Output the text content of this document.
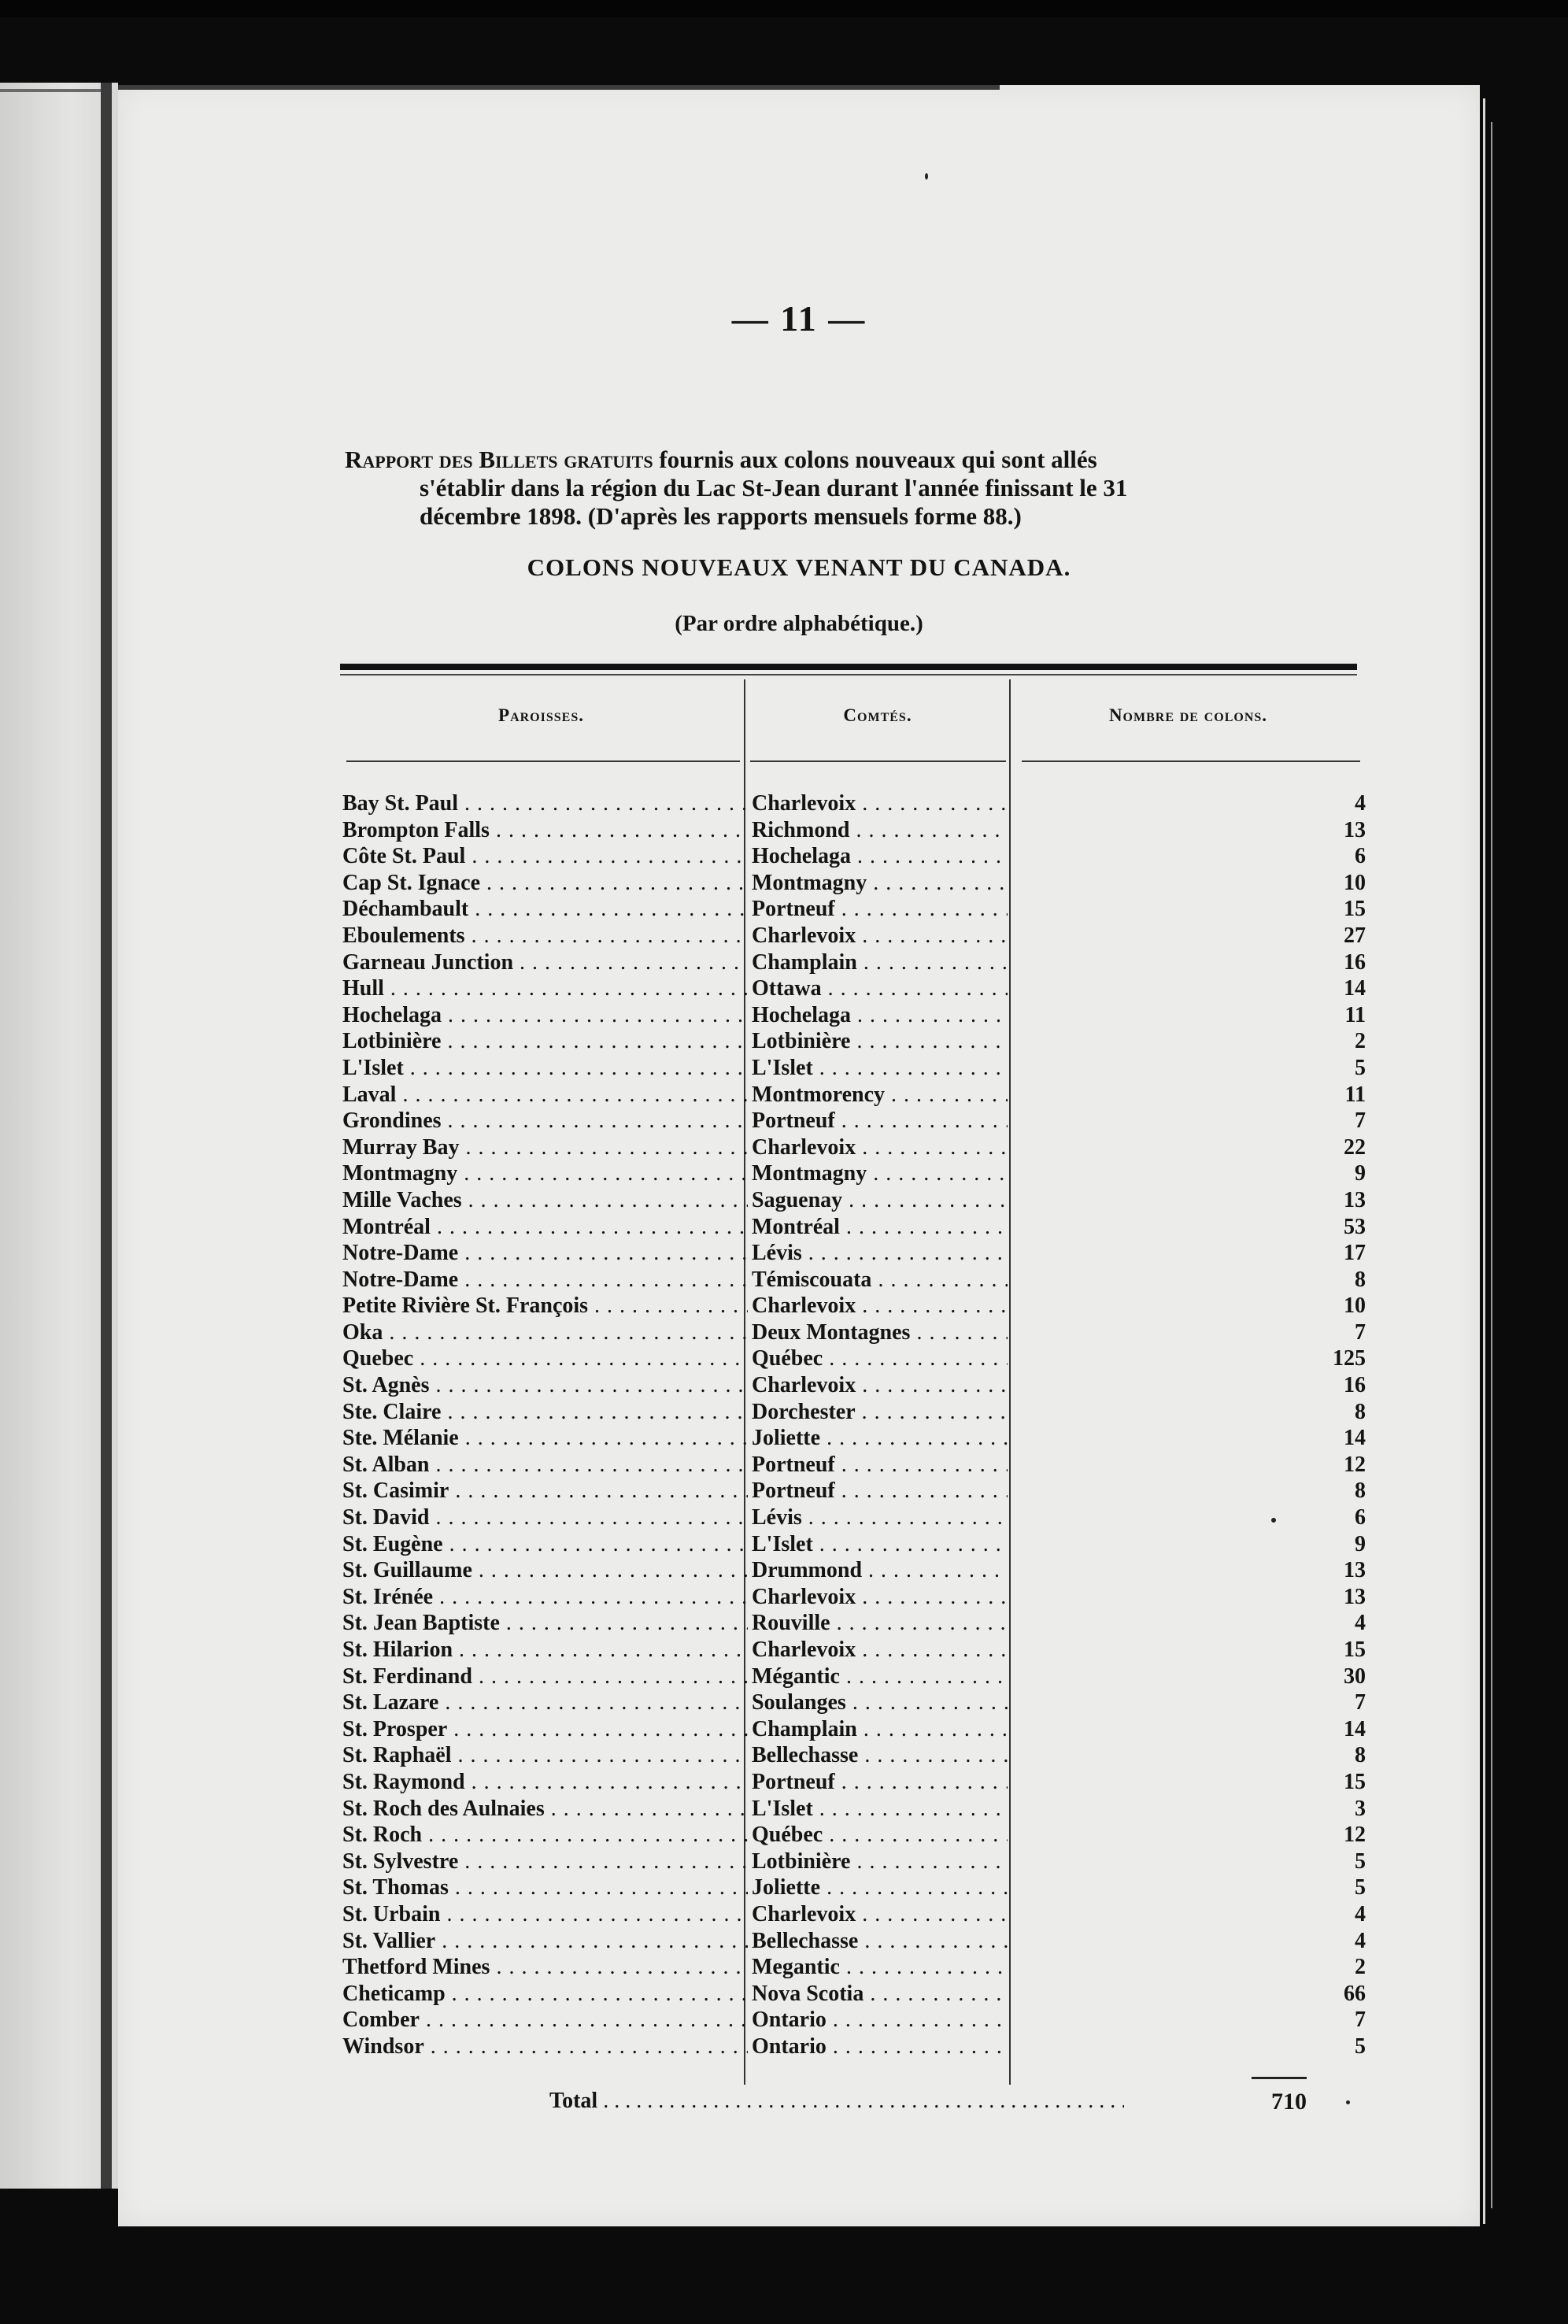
— 11 —
Rapport des Billets gratuits fournis aux colons nouveaux qui sont allés
s'établir dans la région du Lac St-Jean durant l'année finissant le 31
décembre 1898. (D'après les rapports mensuels forme 88.)
COLONS NOUVEAUX VENANT DU CANADA.
(Par ordre alphabétique.)
Paroisses.	Comtés.	Nombre de colons.
Bay St. Paul . . .	Charlevoix . . .	4
Brompton Falls . . .	Richmond . . .	13
Côte St. Paul . . .	Hochelaga . . .	6
Cap St. Ignace . . .	Montmagny . . .	10
Déchambault . . .	Portneuf . . .	15
Eboulements . . .	Charlevoix . . .	27
Garneau Junction . . .	Champlain . . .	16
Hull . . .	Ottawa . . .	14
Hochelaga . . .	Hochelaga . . .	11
Lotbinière . . .	Lotbinière . . .	2
L'Islet . . .	L'Islet . . .	5
Laval . . .	Montmorency . . .	11
Grondines . . .	Portneuf . . .	7
Murray Bay . . .	Charlevoix . . .	22
Montmagny . . .	Montmagny . . .	9
Mille Vaches . . .	Saguenay . . .	13
Montréal . . .	Montréal . . .	53
Notre-Dame . . .	Lévis . . .	17
Notre-Dame . . .	Témiscouata . . .	8
Petite Rivière St. François . . .	Charlevoix . . .	10
Oka . . .	Deux Montagnes . . .	7
Quebec . . .	Québec . . .	125
St. Agnès . . .	Charlevoix . . .	16
Ste. Claire . . .	Dorchester . . .	8
Ste. Mélanie . . .	Joliette . . .	14
St. Alban . . .	Portneuf . . .	12
St. Casimir . . .	Portneuf . . .	8
St. David . . .	Lévis . . .	6
St. Eugène . . .	L'Islet . . .	9
St. Guillaume . . .	Drummond . . .	13
St. Irénée . . .	Charlevoix . . .	13
St. Jean Baptiste . . .	Rouville . . .	4
St. Hilarion . . .	Charlevoix . . .	15
St. Ferdinand . . .	Mégantic . . .	30
St. Lazare . . .	Soulanges . . .	7
St. Prosper . . .	Champlain . . .	14
St. Raphaël . . .	Bellechasse . . .	8
St. Raymond . . .	Portneuf . . .	15
St. Roch des Aulnaies . . .	L'Islet . . .	3
St. Roch . . .	Québec . . .	12
St. Sylvestre . . .	Lotbinière . . .	5
St. Thomas . . .	Joliette . . .	5
St. Urbain . . .	Charlevoix . . .	4
St. Vallier . . .	Bellechasse . . .	4
Thetford Mines . . .	Megantic . . .	2
Cheticamp . . .	Nova Scotia . . .	66
Comber . . .	Ontario . . .	7
Windsor . . .	Ontario . . .	5
Total . . .	710
